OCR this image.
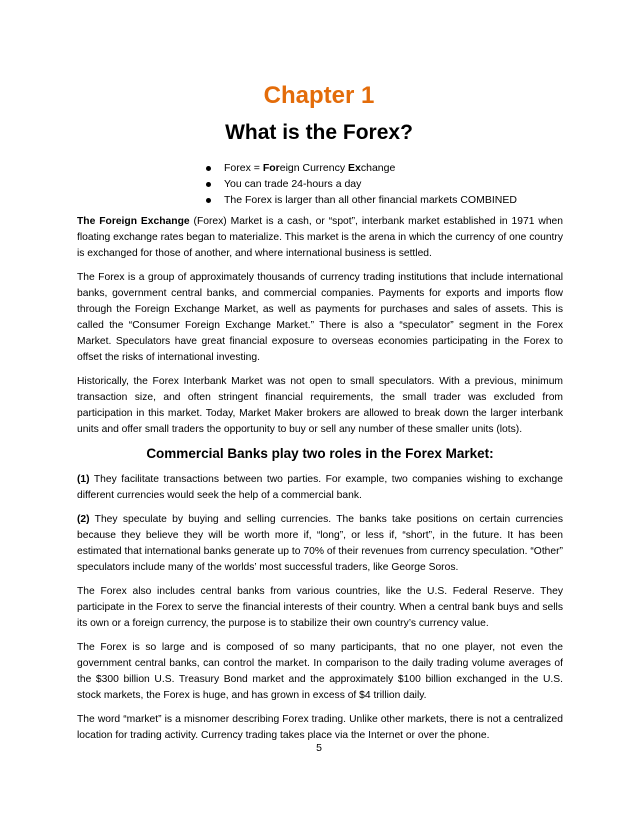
Chapter 1
What is the Forex?
Forex = Foreign Currency Exchange
You can trade 24-hours a day
The Forex is larger than all other financial markets COMBINED

The Foreign Exchange (Forex) Market is a cash, or “spot”, interbank market established in 1971 when floating exchange rates began to materialize. This market is the arena in which the currency of one country is exchanged for those of another, and where international business is settled.

The Forex is a group of approximately thousands of currency trading institutions that include international banks, government central banks, and commercial companies. Payments for exports and imports flow through the Foreign Exchange Market, as well as payments for purchases and sales of assets. This is called the “Consumer Foreign Exchange Market.” There is also a “speculator” segment in the Forex Market. Speculators have great financial exposure to overseas economies participating in the Forex to offset the risks of international investing.

Historically, the Forex Interbank Market was not open to small speculators. With a previous, minimum transaction size, and often stringent financial requirements, the small trader was excluded from participation in this market. Today, Market Maker brokers are allowed to break down the larger interbank units and offer small traders the opportunity to buy or sell any number of these smaller units (lots).

Commercial Banks play two roles in the Forex Market:

(1) They facilitate transactions between two parties. For example, two companies wishing to exchange different currencies would seek the help of a commercial bank.

(2) They speculate by buying and selling currencies. The banks take positions on certain currencies because they believe they will be worth more if, “long”, or less if, “short”, in the future. It has been estimated that international banks generate up to 70% of their revenues from currency speculation. “Other” speculators include many of the worlds’ most successful traders, like George Soros.

The Forex also includes central banks from various countries, like the U.S. Federal Reserve. They participate in the Forex to serve the financial interests of their country. When a central bank buys and sells its own or a foreign currency, the purpose is to stabilize their own country’s currency value.

The Forex is so large and is composed of so many participants, that no one player, not even the government central banks, can control the market. In comparison to the daily trading volume averages of the $300 billion U.S. Treasury Bond market and the approximately $100 billion exchanged in the U.S. stock markets, the Forex is huge, and has grown in excess of $4 trillion daily.

The word “market” is a misnomer describing Forex trading. Unlike other markets, there is not a centralized location for trading activity. Currency trading takes place via the Internet or over the phone.

5
